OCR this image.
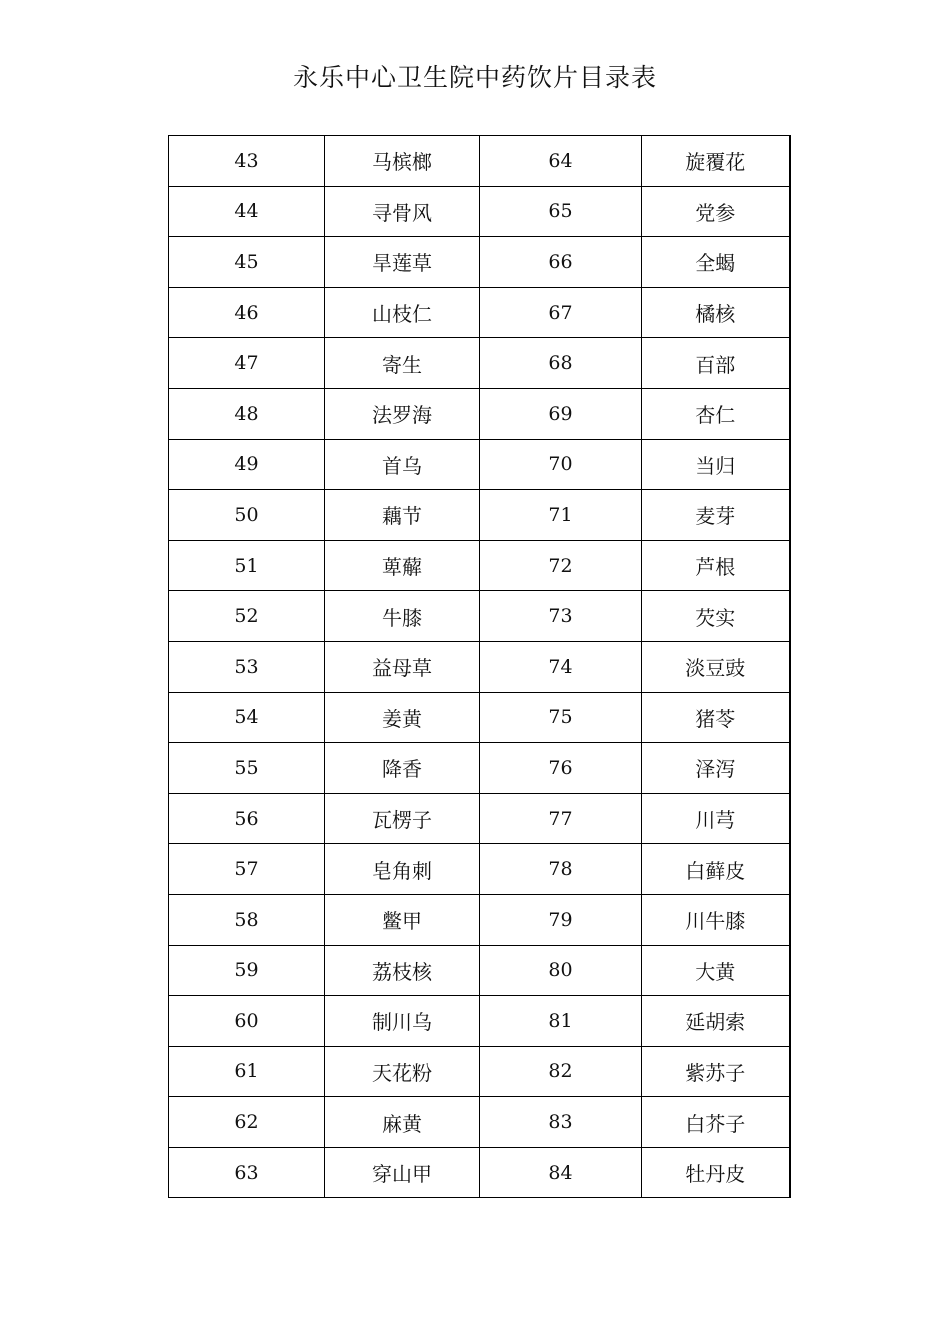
永乐中心卫生院中药饮片目录表
43	马槟榔	64	旋覆花
44	寻骨风	65	党参
45	旱莲草	66	全蝎
46	山枝仁	67	橘核
47	寄生	68	百部
48	法罗海	69	杏仁
49	首乌	70	当归
50	藕节	71	麦芽
51	萆薢	72	芦根
52	牛膝	73	芡实
53	益母草	74	淡豆豉
54	姜黄	75	猪苓
55	降香	76	泽泻
56	瓦楞子	77	川芎
57	皂角刺	78	白藓皮
58	鳖甲	79	川牛膝
59	荔枝核	80	大黄
60	制川乌	81	延胡索
61	天花粉	82	紫苏子
62	麻黄	83	白芥子
63	穿山甲	84	牡丹皮
